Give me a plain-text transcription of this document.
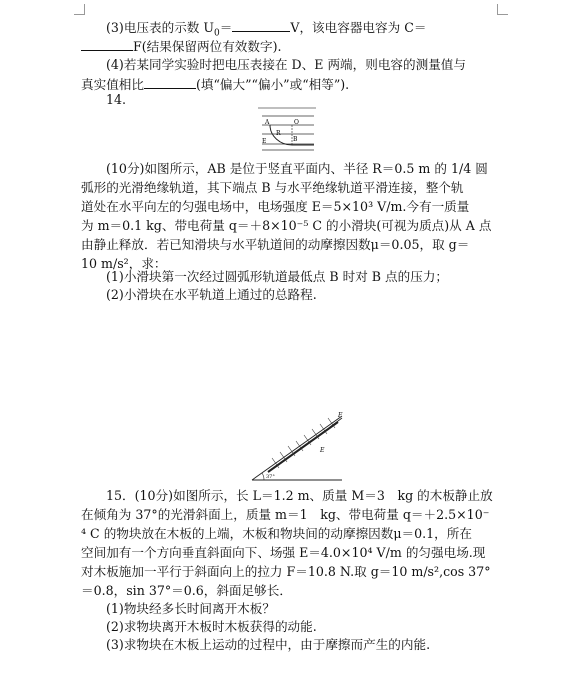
(3)电压表的示数 $U_0=$	V，该电容器电容为 C＝
F(结果保留两位有效数字).
(4)若某同学实验时把电压表接在 D、E 两端，则电容的测量值与
真实值相比	(填“偏大”“偏小”或“相等”).
14.
A	O
B
E
R
(10分)如图所示，AB 是位于竖直平面内、半径 R＝0.5 m 的 1/4 圆
弧形的光滑绝缘轨道，其下端点 B 与水平绝缘轨道平滑连接，整个轨
道处在水平向左的匀强电场中，电场强度 E＝5×10³ V/m.今有一质量
为 m＝0.1 kg、带电荷量 q＝＋8×10⁻⁵ C 的小滑块(可视为质点)从 A 点
由静止释放．若已知滑块与水平轨道间的动摩擦因数μ＝0.05，取 g＝
10 m/s²，求：
(1)小滑块第一次经过圆弧形轨道最低点 B 时对 B 点的压力；
(2)小滑块在水平轨道上通过的总路程.
F
E
37°
15．(10分)如图所示，长 L＝1.2 m、质量 M＝3　kg 的木板静止放
在倾角为 37°的光滑斜面上，质量 m＝1　kg、带电荷量 q＝＋2.5×10⁻
⁴ C 的物块放在木板的上端，木板和物块间的动摩擦因数μ＝0.1，所在
空间加有一个方向垂直斜面向下、场强 E＝4.0×10⁴ V/m 的匀强电场.现
对木板施加一平行于斜面向上的拉力 F＝10.8 N.取 g＝10 m/s²,cos 37°
＝0.8，sin 37°＝0.6，斜面足够长．
(1)物块经多长时间离开木板？
(2)求物块离开木板时木板获得的动能.
(3)求物块在木板上运动的过程中，由于摩擦而产生的内能.
